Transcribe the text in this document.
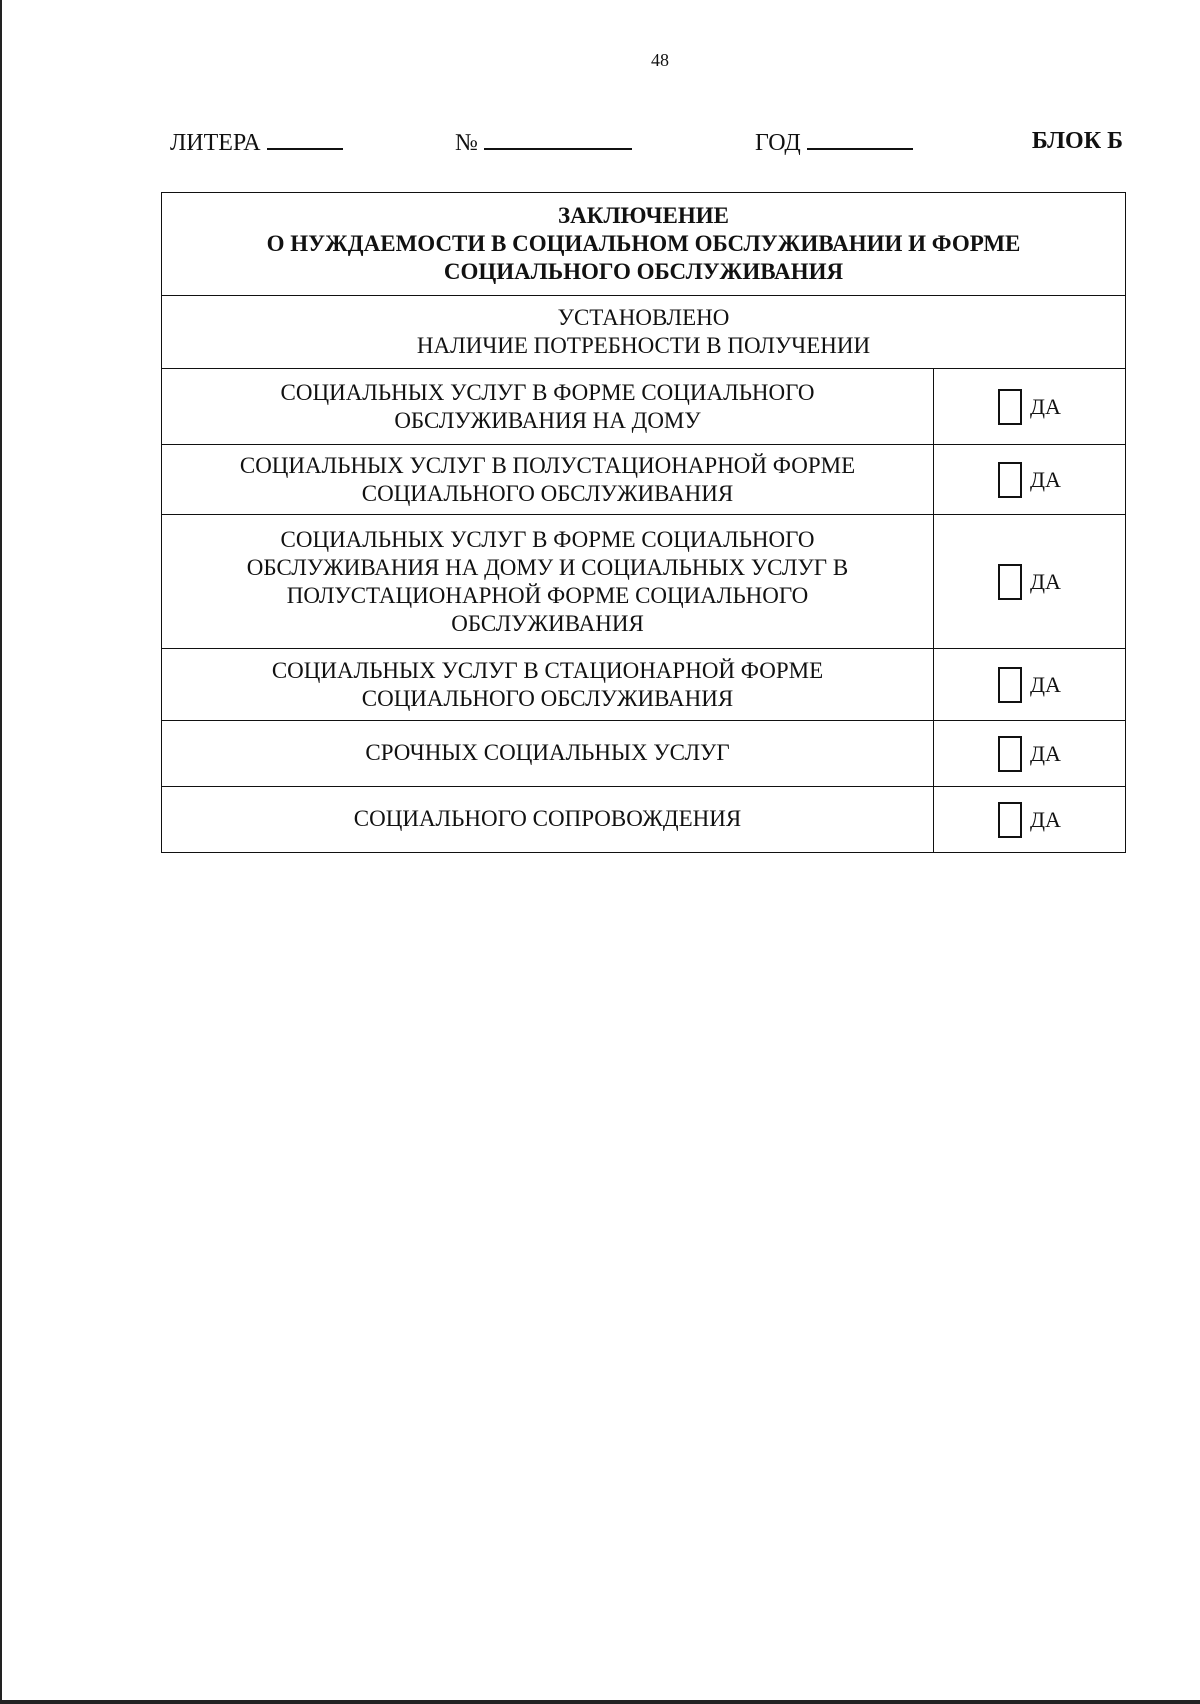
48
ЛИТЕРА	№	ГОД	БЛОК Б
ЗАКЛЮЧЕНИЕ
О НУЖДАЕМОСТИ В СОЦИАЛЬНОМ ОБСЛУЖИВАНИИ И ФОРМЕ
СОЦИАЛЬНОГО ОБСЛУЖИВАНИЯ	

УСТАНОВЛЕНО
НАЛИЧИЕ ПОТРЕБНОСТИ В ПОЛУЧЕНИИ	

СОЦИАЛЬНЫХ УСЛУГ В ФОРМЕ СОЦИАЛЬНОГО
ОБСЛУЖИВАНИЯ НА ДОМУ	ДА

СОЦИАЛЬНЫХ УСЛУГ В ПОЛУСТАЦИОНАРНОЙ ФОРМЕ
СОЦИАЛЬНОГО ОБСЛУЖИВАНИЯ	ДА

СОЦИАЛЬНЫХ УСЛУГ В ФОРМЕ СОЦИАЛЬНОГО
ОБСЛУЖИВАНИЯ НА ДОМУ И СОЦИАЛЬНЫХ УСЛУГ В
ПОЛУСТАЦИОНАРНОЙ ФОРМЕ СОЦИАЛЬНОГО
ОБСЛУЖИВАНИЯ	ДА

СОЦИАЛЬНЫХ УСЛУГ В СТАЦИОНАРНОЙ ФОРМЕ
СОЦИАЛЬНОГО ОБСЛУЖИВАНИЯ	ДА

СРОЧНЫХ СОЦИАЛЬНЫХ УСЛУГ	ДА

СОЦИАЛЬНОГО СОПРОВОЖДЕНИЯ	ДА
